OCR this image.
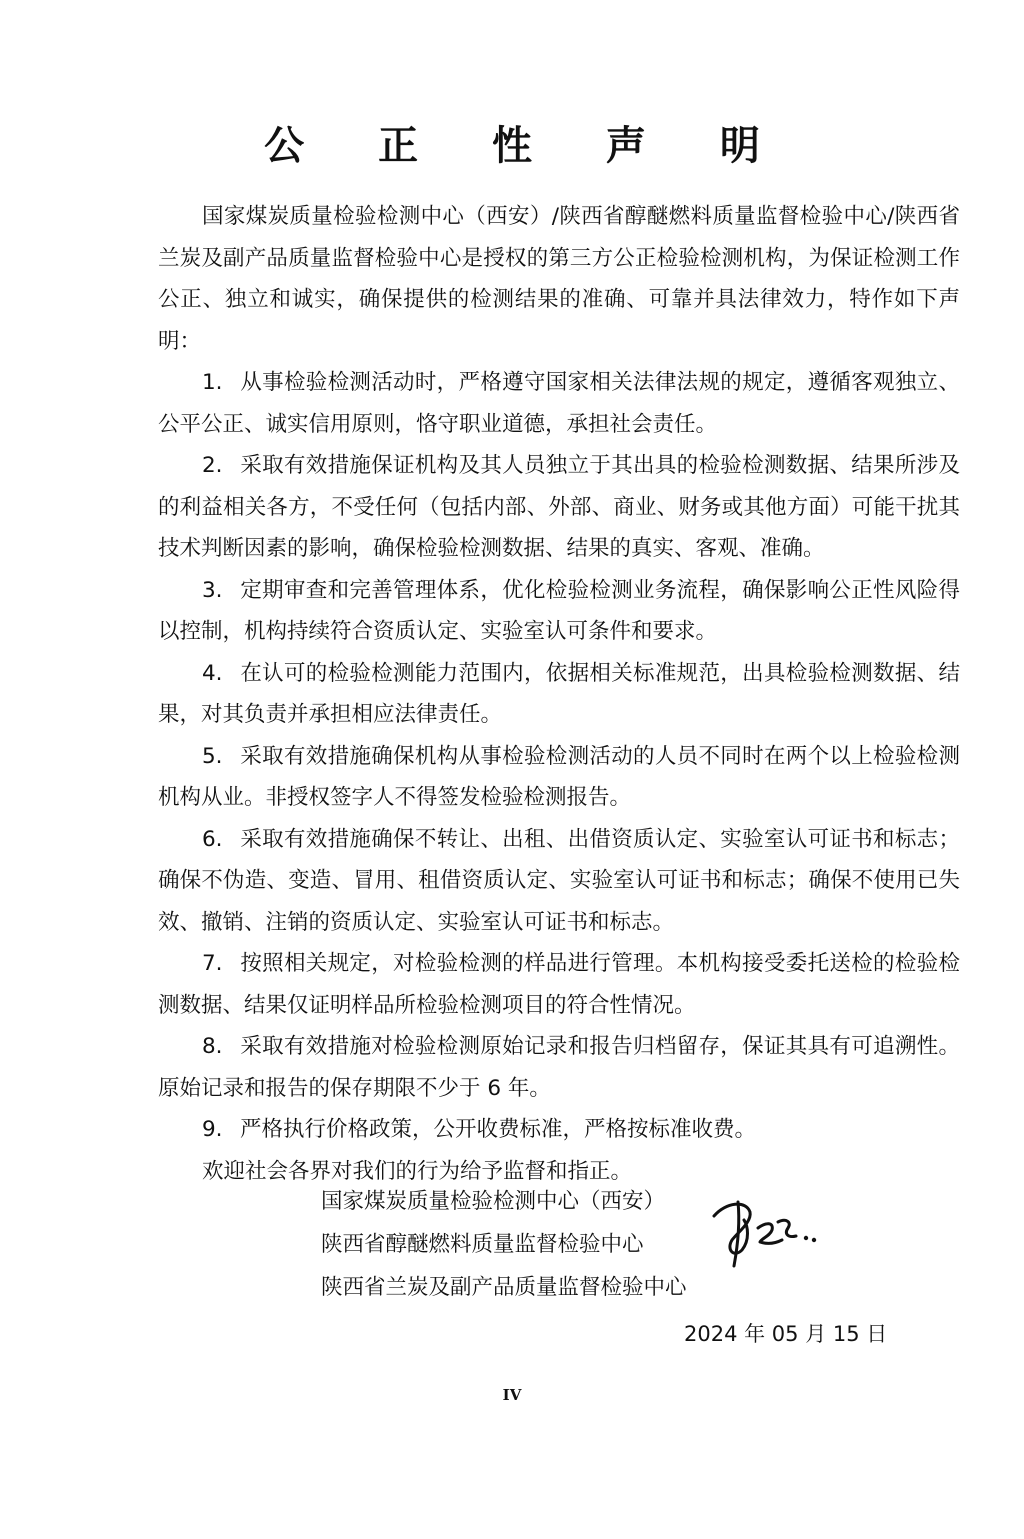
公 正 性 声 明

国家煤炭质量检验检测中心（西安）/陕西省醇醚燃料质量监督检验中心/陕西省兰炭及副产品质量监督检验中心是授权的第三方公正检验检测机构，为保证检测工作公正、独立和诚实，确保提供的检测结果的准确、可靠并具法律效力，特作如下声明：

1. 从事检验检测活动时，严格遵守国家相关法律法规的规定，遵循客观独立、公平公正、诚实信用原则，恪守职业道德，承担社会责任。

2. 采取有效措施保证机构及其人员独立于其出具的检验检测数据、结果所涉及的利益相关各方，不受任何（包括内部、外部、商业、财务或其他方面）可能干扰其技术判断因素的影响，确保检验检测数据、结果的真实、客观、准确。

3. 定期审查和完善管理体系，优化检验检测业务流程，确保影响公正性风险得以控制，机构持续符合资质认定、实验室认可条件和要求。

4. 在认可的检验检测能力范围内，依据相关标准规范，出具检验检测数据、结果，对其负责并承担相应法律责任。

5. 采取有效措施确保机构从事检验检测活动的人员不同时在两个以上检验检测机构从业。非授权签字人不得签发检验检测报告。

6. 采取有效措施确保不转让、出租、出借资质认定、实验室认可证书和标志；确保不伪造、变造、冒用、租借资质认定、实验室认可证书和标志；确保不使用已失效、撤销、注销的资质认定、实验室认可证书和标志。

7. 按照相关规定，对检验检测的样品进行管理。本机构接受委托送检的检验检测数据、结果仅证明样品所检验检测项目的符合性情况。

8. 采取有效措施对检验检测原始记录和报告归档留存，保证其具有可追溯性。原始记录和报告的保存期限不少于 6 年。

9. 严格执行价格政策，公开收费标准，严格按标准收费。

欢迎社会各界对我们的行为给予监督和指正。

国家煤炭质量检验检测中心（西安）
陕西省醇醚燃料质量监督检验中心
陕西省兰炭及副产品质量监督检验中心
2024 年 05 月 15 日
IV
